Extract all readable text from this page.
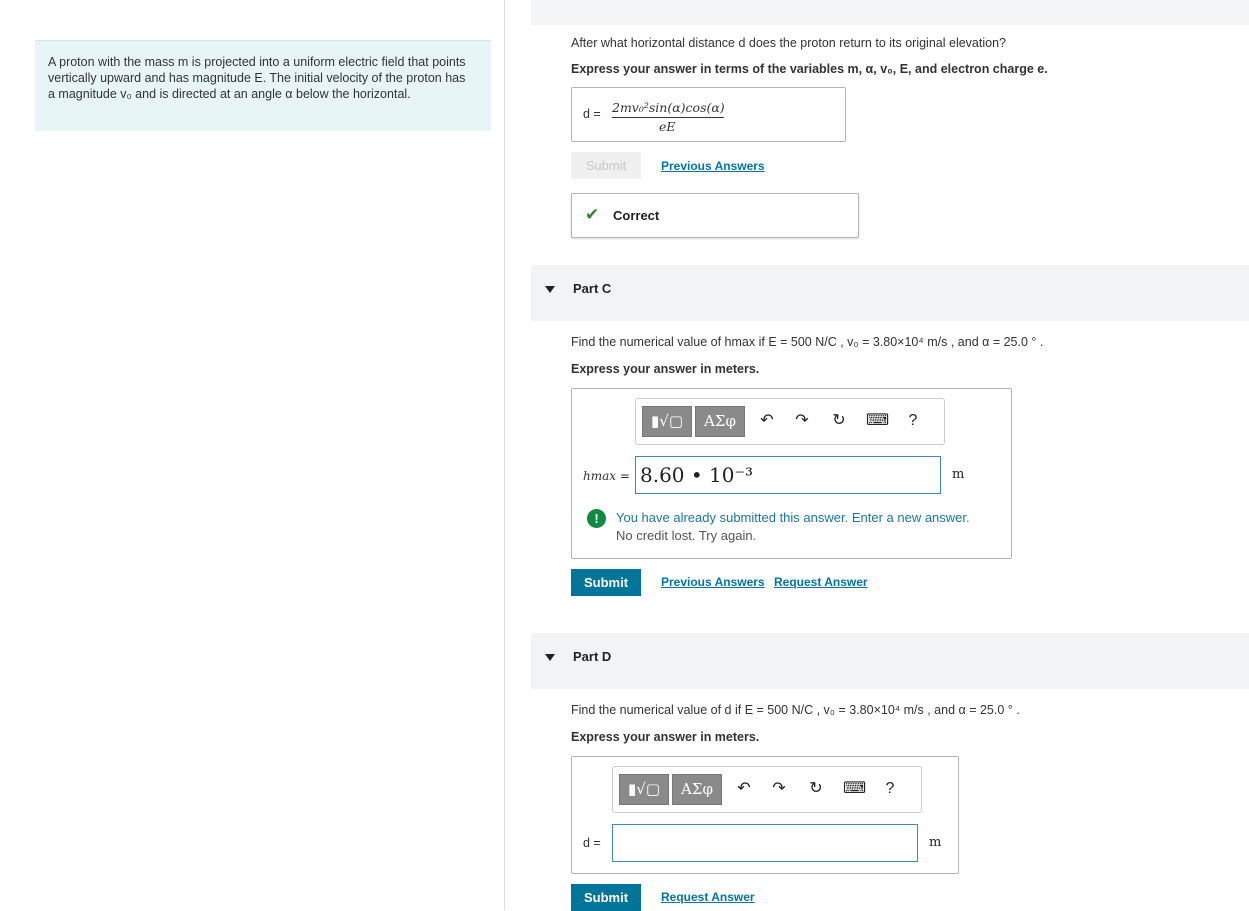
A proton with the mass m is projected into a uniform electric field that points vertically upward and has magnitude E. The initial velocity of the proton has a magnitude v₀ and is directed at an angle α below the horizontal.
After what horizontal distance d does the proton return to its original elevation?
Express your answer in terms of the variables m, α, v₀, E, and electron charge e.
d = 2mv₀²sin(α)cos(α)
eE
Submit	Previous Answers
✔ Correct
Part C
Find the numerical value of hmax if E = 500 N/C , v₀ = 3.80×10⁴ m/s , and α = 25.0 ° .
Express your answer in meters.
▮√▢	ΑΣφ	↶ ↷ ↻ ⌨	?
hmax = 8.60 • 10⁻³	m
!	You have already submitted this answer. Enter a new answer.
No credit lost. Try again.
Submit	Previous Answers Request Answer
Part D
Find the numerical value of d if E = 500 N/C , v₀ = 3.80×10⁴ m/s , and α = 25.0 ° .
Express your answer in meters.
▮√▢	ΑΣφ	↶ ↷ ↻ ⌨	?
d =	m
Submit	Request Answer
